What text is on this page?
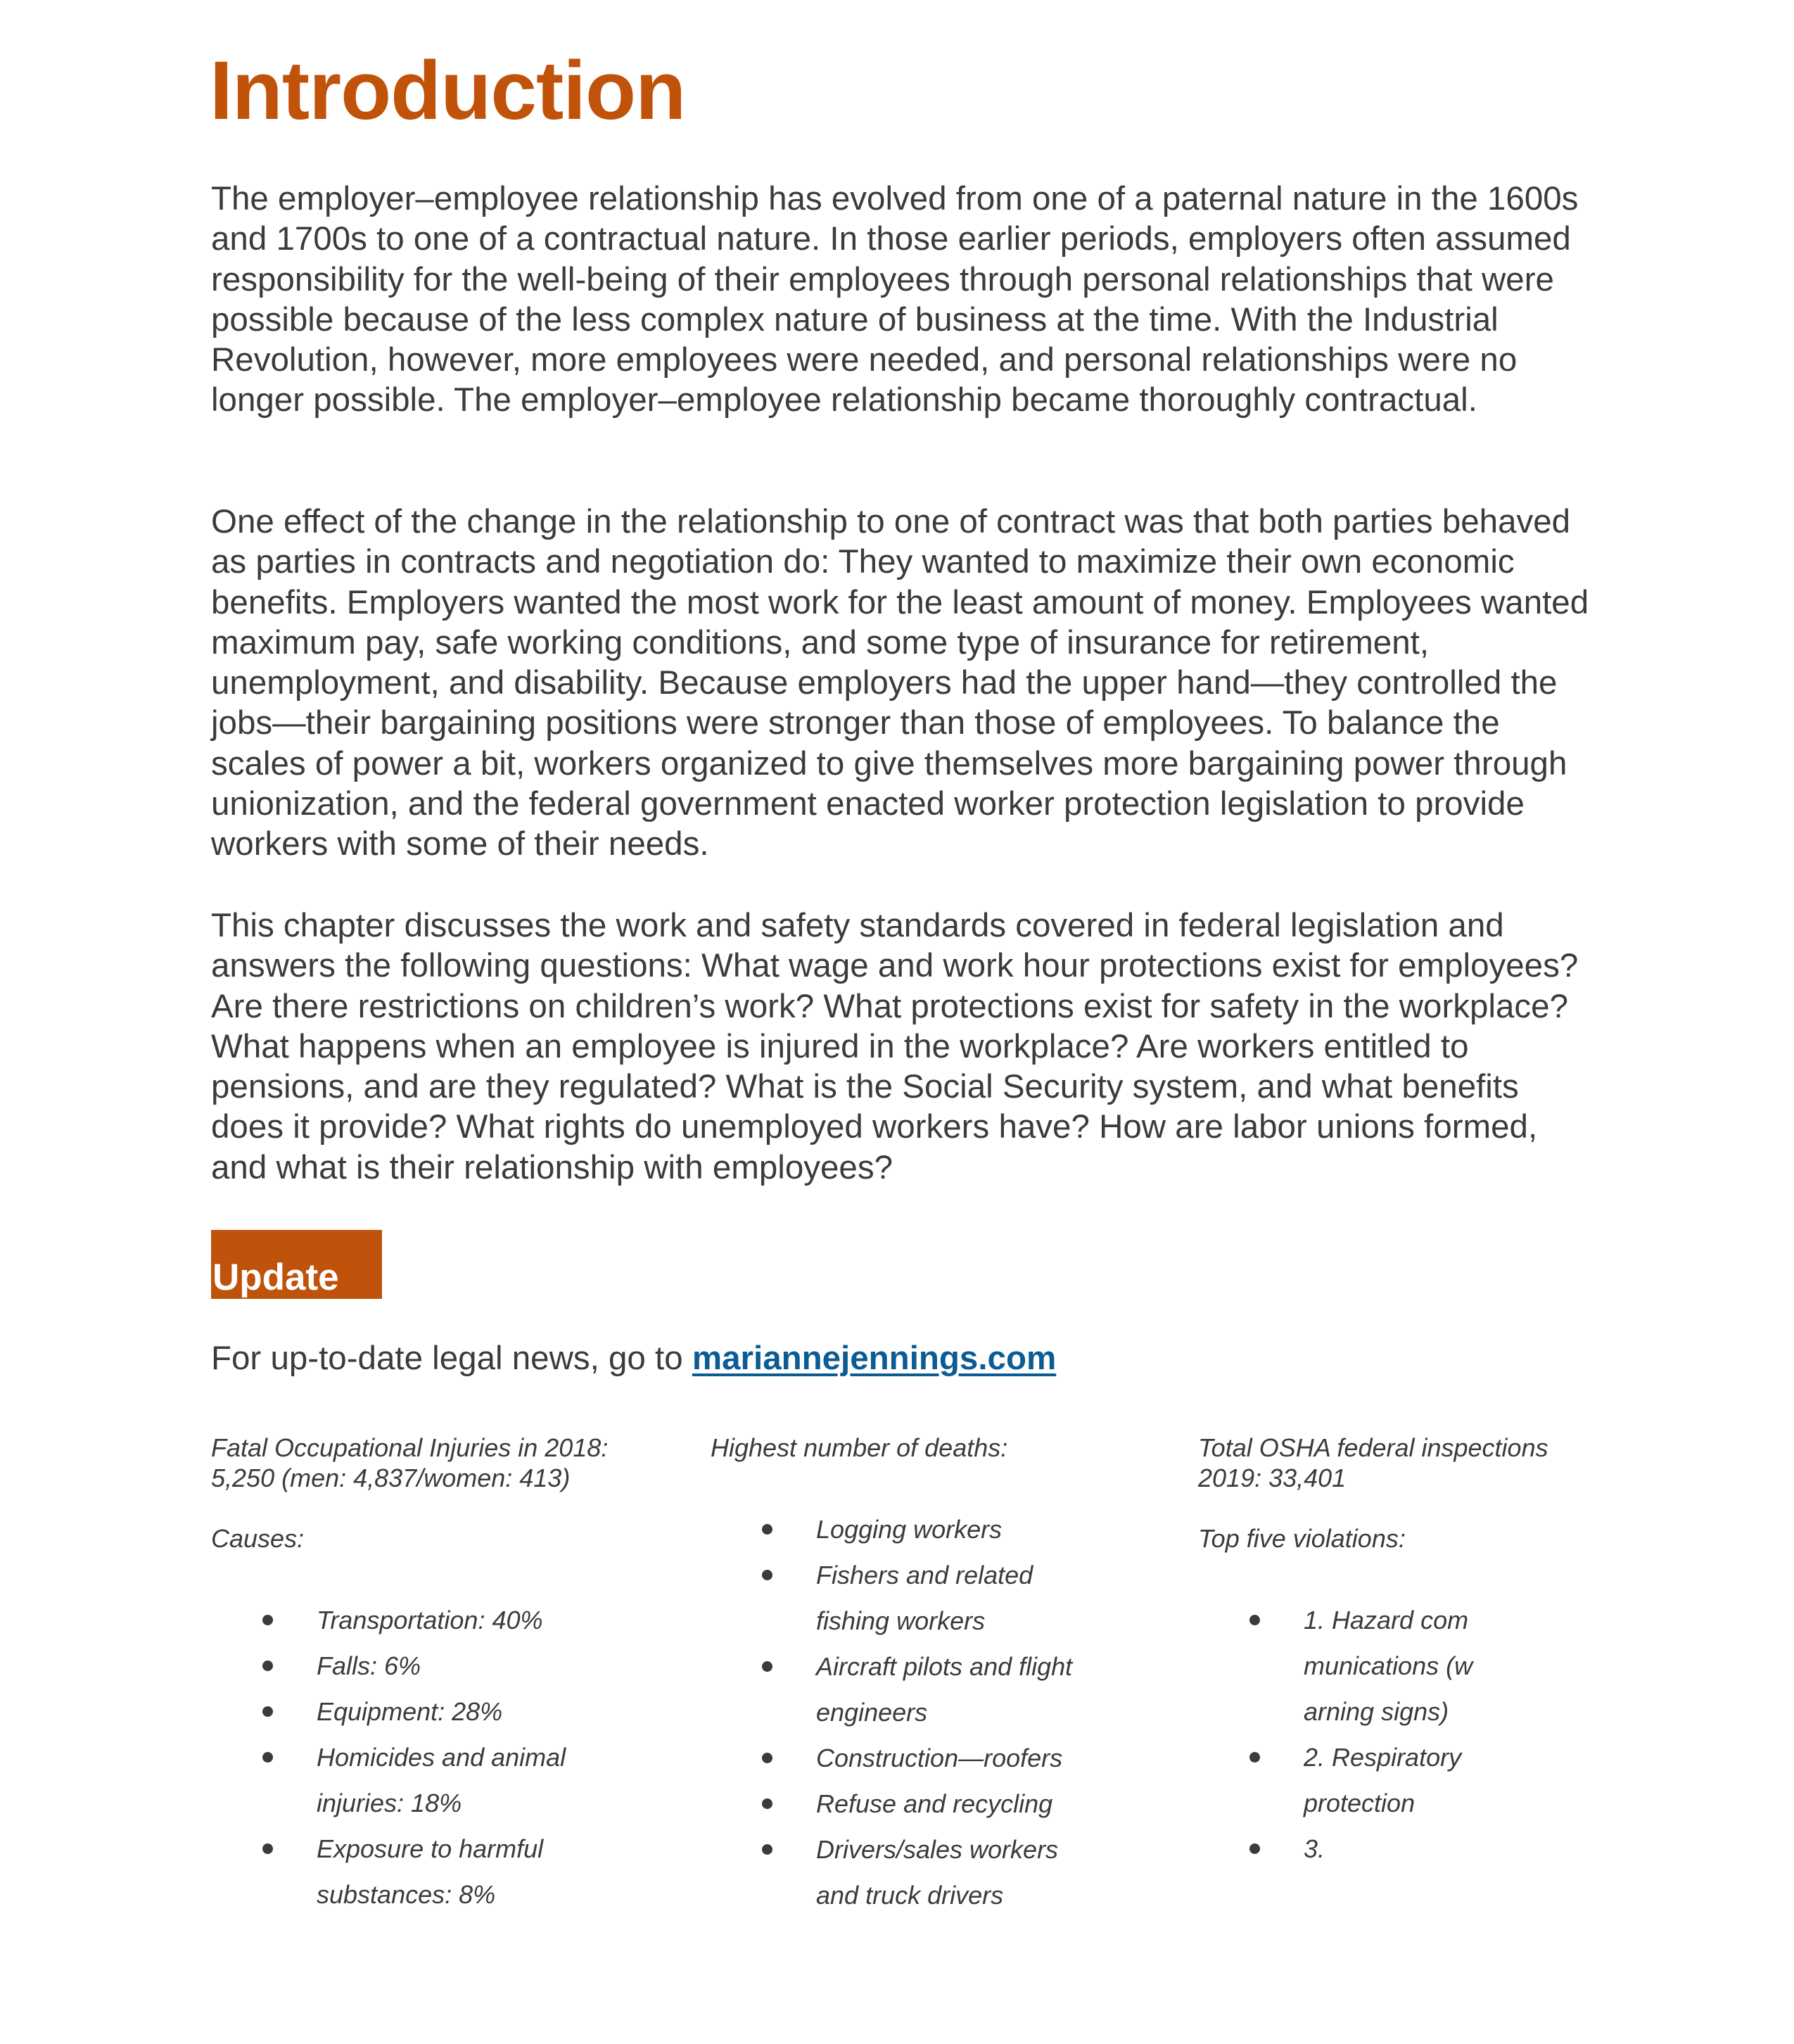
Introduction

The employer–employee relationship has evolved from one of a paternal nature in the 1600s and 1700s to one of a contractual nature. In those earlier periods, employers often assumed responsibility for the well-being of their employees through personal relationships that were possible because of the less complex nature of business at the time. With the Industrial Revolution, however, more employees were needed, and personal relationships were no longer possible. The employer–employee relationship became thoroughly contractual.

One effect of the change in the relationship to one of contract was that both parties behaved as parties in contracts and negotiation do: They wanted to maximize their own economic benefits. Employers wanted the most work for the least amount of money. Employees wanted maximum pay, safe working conditions, and some type of insurance for retirement, unemployment, and disability. Because employers had the upper hand—they controlled the jobs—their bargaining positions were stronger than those of employees. To balance the scales of power a bit, workers organized to give themselves more bargaining power through unionization, and the federal government enacted worker protection legislation to provide workers with some of their needs.

This chapter discusses the work and safety standards covered in federal legislation and answers the following questions: What wage and work hour protections exist for employees? Are there restrictions on children’s work? What protections exist for safety in the workplace? What happens when an employee is injured in the workplace? Are workers entitled to pensions, and are they regulated? What is the Social Security system, and what benefits does it provide? What rights do unemployed workers have? How are labor unions formed, and what is their relationship with employees?

Update
For up-to-date legal news, go to mariannejennings.com

Fatal Occupational Injuries in 2018:

5,250 (men: 4,837/women: 413)

Causes:

Transportation: 40%
Falls: 6%
Equipment: 28%
Homicides and animal injuries: 18%
Exposure to harmful substances: 8%

Highest number of deaths:

Logging workers
Fishers and related fishing workers
Aircraft pilots and flight engineers
Construction—roofers
Refuse and recycling
Drivers/sales workers and truck drivers

Total OSHA federal inspections

2019: 33,401

Top five violations:

1. Hazard communications (warning signs)
2. Respiratory protection
3.
